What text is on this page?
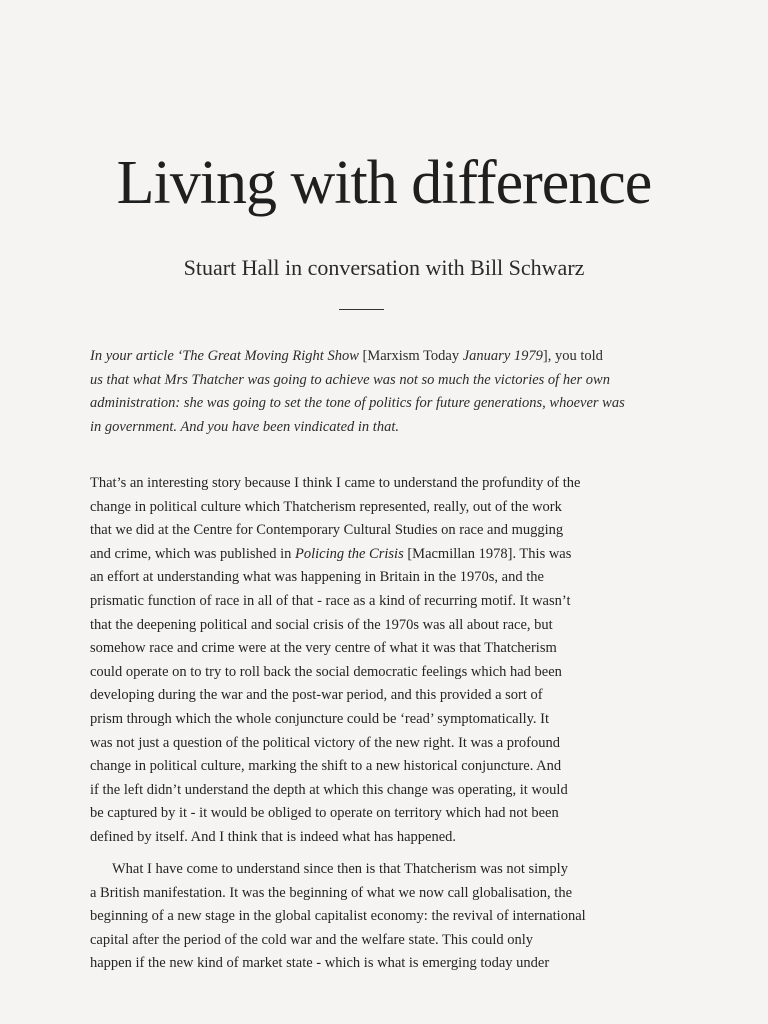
Living with difference
Stuart Hall in conversation with Bill Schwarz
In your article ‘The Great Moving Right Show [Marxism Today January 1979], you told
us that what Mrs Thatcher was going to achieve was not so much the victories of her own
administration: she was going to set the tone of politics for future generations, whoever was
in government. And you have been vindicated in that.
That’s an interesting story because I think I came to understand the profundity of the
change in political culture which Thatcherism represented, really, out of the work
that we did at the Centre for Contemporary Cultural Studies on race and mugging
and crime, which was published in Policing the Crisis [Macmillan 1978]. This was
an effort at understanding what was happening in Britain in the 1970s, and the
prismatic function of race in all of that - race as a kind of recurring motif. It wasn’t
that the deepening political and social crisis of the 1970s was all about race, but
somehow race and crime were at the very centre of what it was that Thatcherism
could operate on to try to roll back the social democratic feelings which had been
developing during the war and the post-war period, and this provided a sort of
prism through which the whole conjuncture could be ‘read’ symptomatically. It
was not just a question of the political victory of the new right. It was a profound
change in political culture, marking the shift to a new historical conjuncture. And
if the left didn’t understand the depth at which this change was operating, it would
be captured by it - it would be obliged to operate on territory which had not been
defined by itself. And I think that is indeed what has happened.
What I have come to understand since then is that Thatcherism was not simply
a British manifestation. It was the beginning of what we now call globalisation, the
beginning of a new stage in the global capitalist economy: the revival of international
capital after the period of the cold war and the welfare state. This could only
happen if the new kind of market state - which is what is emerging today under
